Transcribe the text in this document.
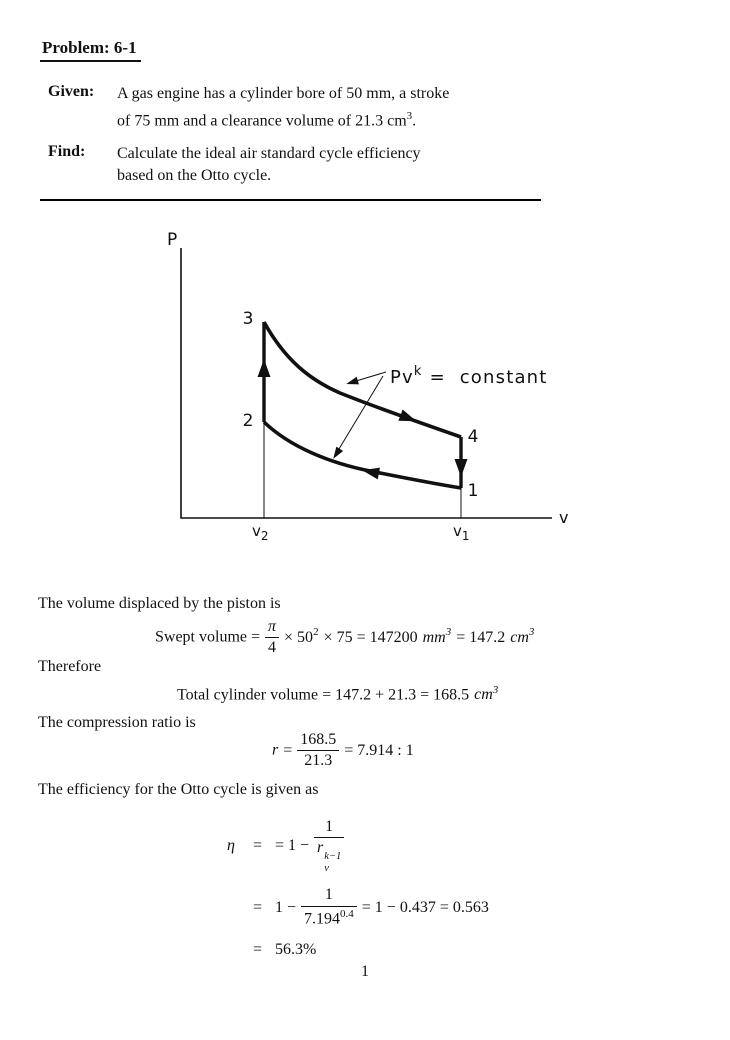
Problem: 6-1
Given:	A gas engine has a cylinder bore of 50 mm, a stroke
of 75 mm and a clearance volume of 21.3 $cm^3$.
Find:	Calculate the ideal air standard cycle efficiency
based on the Otto cycle.
P
v
3
2
4
1
$v_2$	$v_1$
$Pv^k$ =  constant
The volume displaced by the piston is
Swept volume = $\frac{\pi}{4} \times 50^2 \times 75 = 147200$ $mm^3 = 147.2$ $cm^3$
Therefore
Total cylinder volume = 147.2 + 21.3 = 168.5 $cm^3$
The compression ratio is
$r = \frac{168.5}{21.3} = 7.914$ : 1
The efficiency for the Otto cycle is given as
η	= = 1 − 1
r
k−1
v
= $1 - \frac{1}{7.194^{0.4}} = 1 - 0.437 = 0.563$
= 56.3%
1
